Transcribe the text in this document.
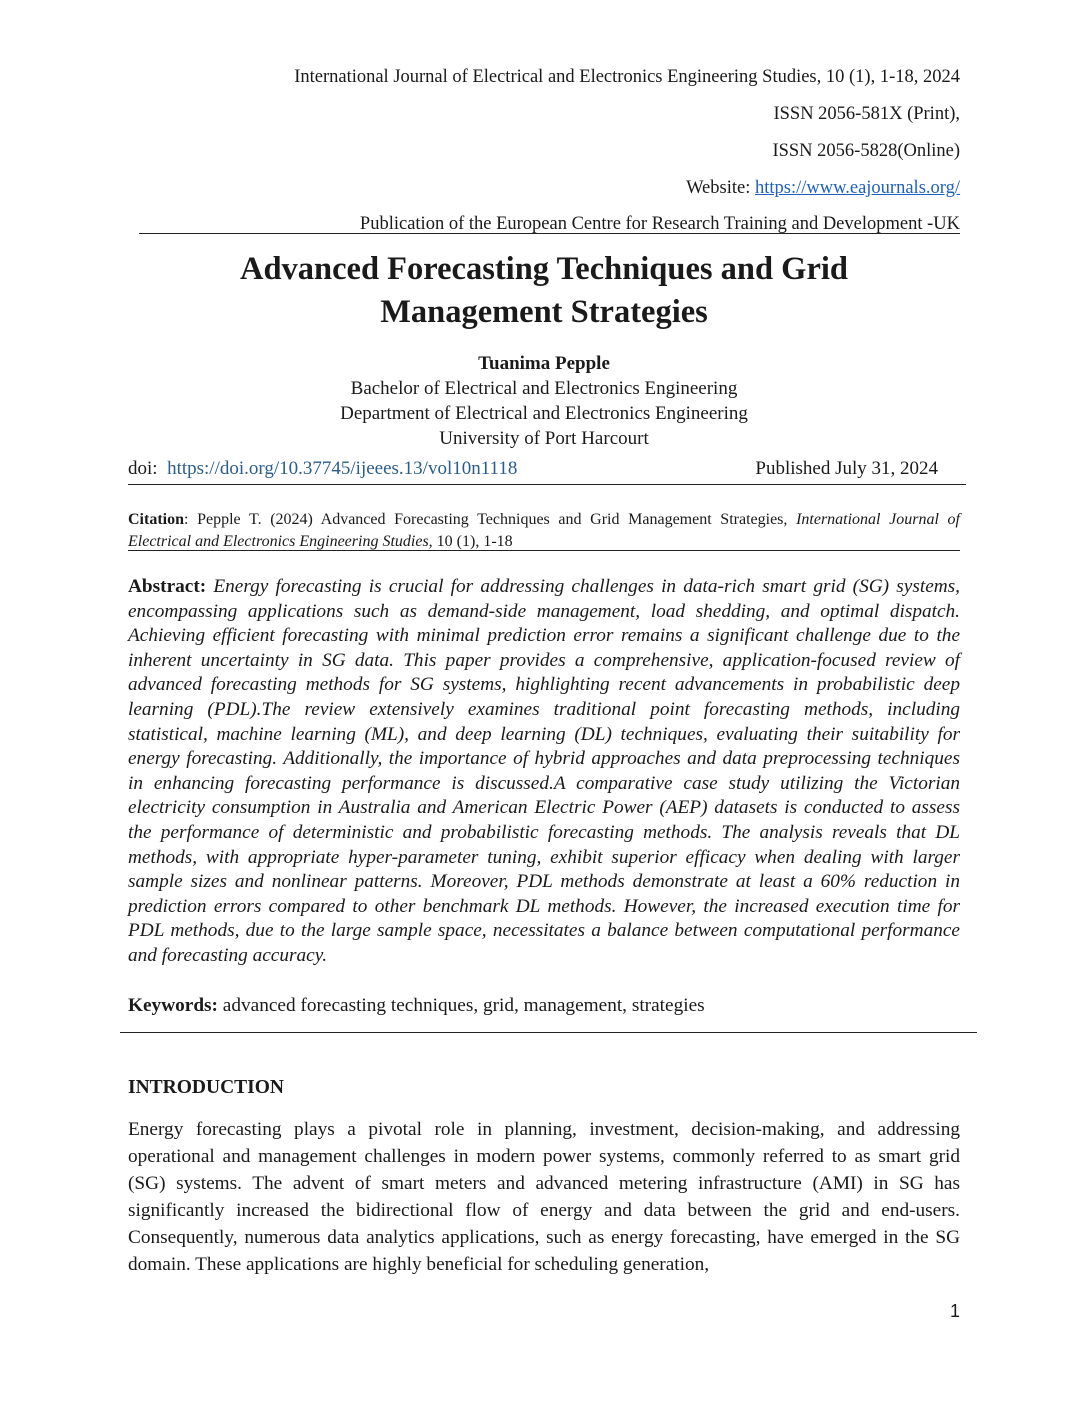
International Journal of Electrical and Electronics Engineering Studies, 10 (1), 1-18, 2024
ISSN 2056-581X (Print),
ISSN 2056-5828(Online)
Website: https://www.eajournals.org/
Publication of the European Centre for Research Training and Development -UK
Advanced Forecasting Techniques and Grid
Management Strategies
Tuanima Pepple
Bachelor of Electrical and Electronics Engineering
Department of Electrical and Electronics Engineering
University of Port Harcourt
doi: https://doi.org/10.37745/ijeees.13/vol10n1118	Published July 31, 2024
Citation: Pepple T. (2024) Advanced Forecasting Techniques and Grid Management Strategies, International Journal of Electrical and Electronics Engineering Studies, 10 (1), 1-18
Abstract: Energy forecasting is crucial for addressing challenges in data-rich smart grid (SG) systems, encompassing applications such as demand-side management, load shedding, and optimal dispatch. Achieving efficient forecasting with minimal prediction error remains a significant challenge due to the inherent uncertainty in SG data. This paper provides a comprehensive, application-focused review of advanced forecasting methods for SG systems, highlighting recent advancements in probabilistic deep learning (PDL).The review extensively examines traditional point forecasting methods, including statistical, machine learning (ML), and deep learning (DL) techniques, evaluating their suitability for energy forecasting. Additionally, the importance of hybrid approaches and data preprocessing techniques in enhancing forecasting performance is discussed.A comparative case study utilizing the Victorian electricity consumption in Australia and American Electric Power (AEP) datasets is conducted to assess the performance of deterministic and probabilistic forecasting methods. The analysis reveals that DL methods, with appropriate hyper-parameter tuning, exhibit superior efficacy when dealing with larger sample sizes and nonlinear patterns. Moreover, PDL methods demonstrate at least a 60% reduction in prediction errors compared to other benchmark DL methods. However, the increased execution time for PDL methods, due to the large sample space, necessitates a balance between computational performance and forecasting accuracy.
Keywords: advanced forecasting techniques, grid, management, strategies
INTRODUCTION
Energy forecasting plays a pivotal role in planning, investment, decision-making, and addressing operational and management challenges in modern power systems, commonly referred to as smart grid (SG) systems. The advent of smart meters and advanced metering infrastructure (AMI) in SG has significantly increased the bidirectional flow of energy and data between the grid and end-users. Consequently, numerous data analytics applications, such as energy forecasting, have emerged in the SG domain. These applications are highly beneficial for scheduling generation,
1
